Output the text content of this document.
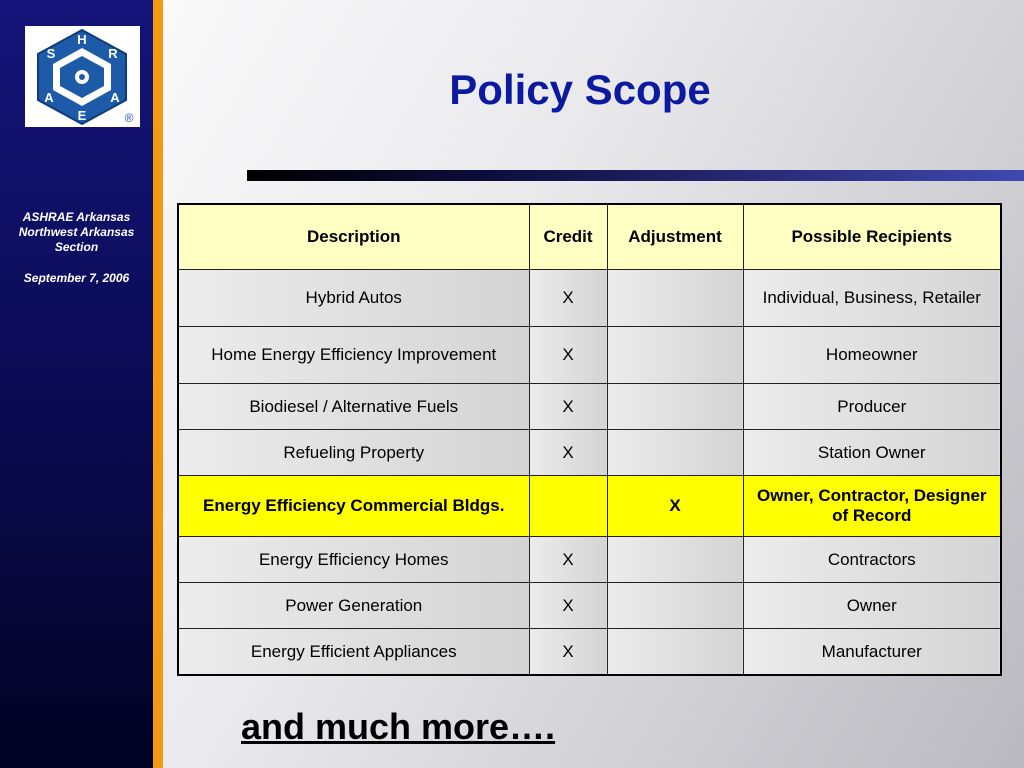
H
R
A
E
A
S
®
ASHRAE Arkansas
Northwest Arkansas
Section
September 7, 2006
Policy Scope
Description	Credit	Adjustment	Possible Recipients
Hybrid Autos	X		Individual, Business, Retailer
Home Energy Efficiency Improvement	X		Homeowner
Biodiesel / Alternative Fuels	X		Producer
Refueling Property	X		Station Owner
Energy Efficiency Commercial Bldgs.		X	Owner, Contractor, Designer of Record
Energy Efficiency Homes	X		Contractors
Power Generation	X		Owner
Energy Efficient Appliances	X		Manufacturer
and much more….
